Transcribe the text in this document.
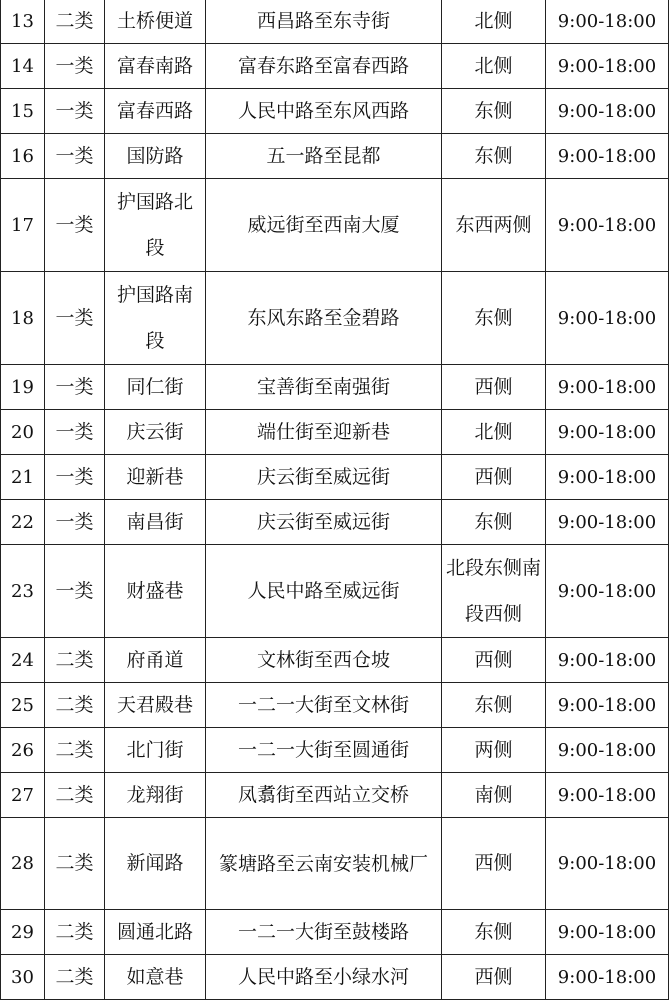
13	二类	土桥便道	西昌路至东寺街	北侧	9:00-18:00
14	一类	富春南路	富春东路至富春西路	北侧	9:00-18:00
15	一类	富春西路	人民中路至东风西路	东侧	9:00-18:00
16	一类	国防路	五一路至昆都	东侧	9:00-18:00
17	一类	护国路北段	威远街至西南大厦	东西两侧	9:00-18:00
18	一类	护国路南段	东风东路至金碧路	东侧	9:00-18:00
19	一类	同仁街	宝善街至南强街	西侧	9:00-18:00
20	一类	庆云街	端仕街至迎新巷	北侧	9:00-18:00
21	一类	迎新巷	庆云街至威远街	西侧	9:00-18:00
22	一类	南昌街	庆云街至威远街	东侧	9:00-18:00
23	一类	财盛巷	人民中路至威远街	北段东侧南段西侧	9:00-18:00
24	二类	府甬道	文林街至西仓坡	西侧	9:00-18:00
25	二类	天君殿巷	一二一大街至文林街	东侧	9:00-18:00
26	二类	北门街	一二一大街至圆通街	两侧	9:00-18:00
27	二类	龙翔街	凤翥街至西站立交桥	南侧	9:00-18:00
28	二类	新闻路	篆塘路至云南安装机械厂	西侧	9:00-18:00
29	二类	圆通北路	一二一大街至鼓楼路	东侧	9:00-18:00
30	二类	如意巷	人民中路至小绿水河	西侧	9:00-18:00
